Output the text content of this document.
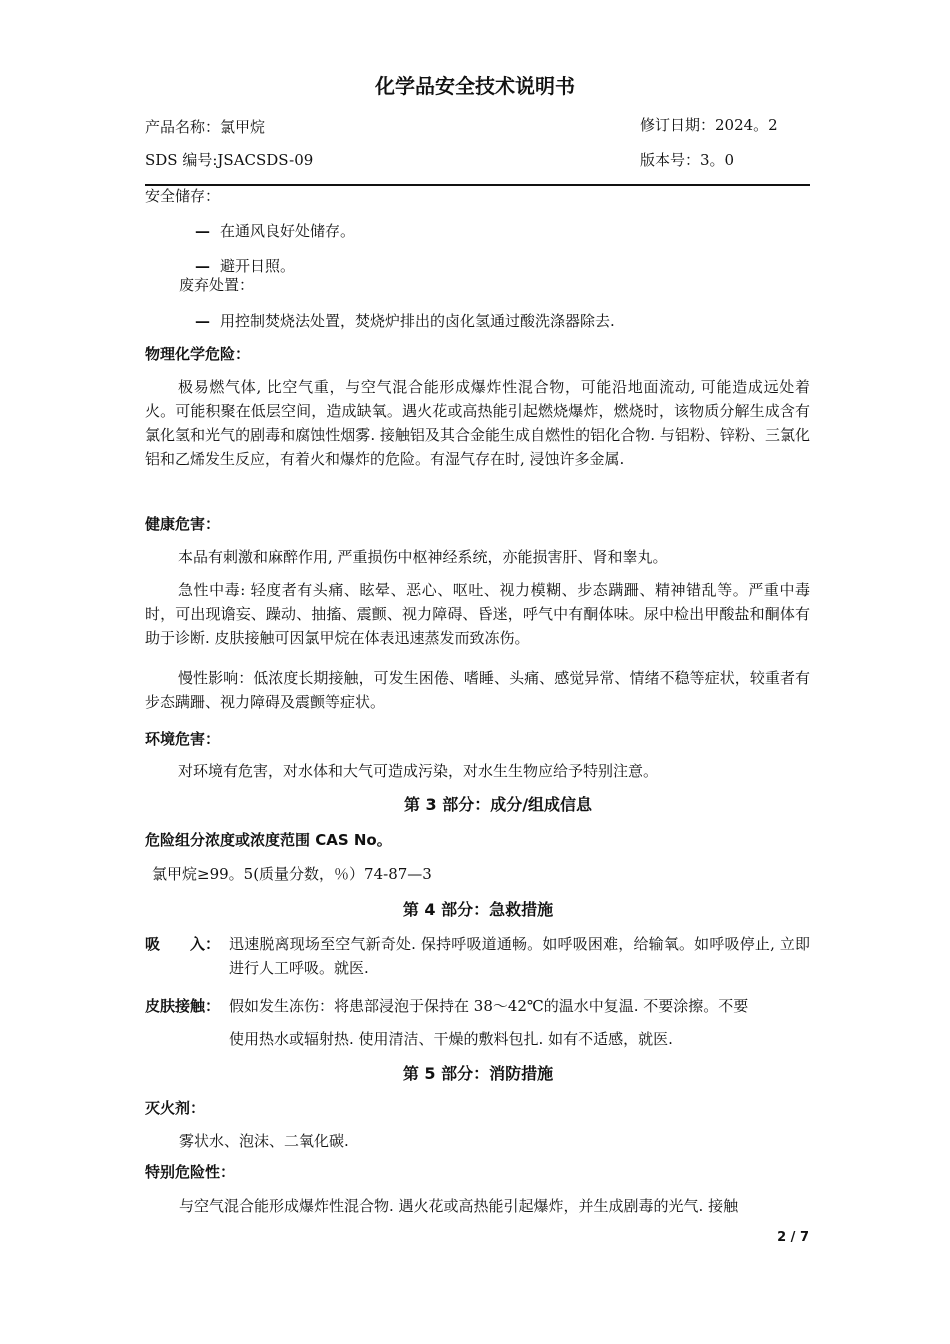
化学品安全技术说明书
产品名称：氯甲烷	修订日期：2024。2
SDS 编号:JSACSDS-09	版本号：3。0
安全储存：
— 在通风良好处储存。
— 避开日照。
废弃处置：
— 用控制焚烧法处置，焚烧炉排出的卤化氢通过酸洗涤器除去.
物理化学危险：
极易燃气体, 比空气重，与空气混合能形成爆炸性混合物，可能沿地面流动, 可能造成远处着火。可能积聚在低层空间，造成缺氧。遇火花或高热能引起燃烧爆炸，燃烧时，该物质分解生成含有氯化氢和光气的剧毒和腐蚀性烟雾. 接触铝及其合金能生成自燃性的铝化合物. 与铝粉、锌粉、三氯化铝和乙烯发生反应，有着火和爆炸的危险。有湿气存在时, 浸蚀许多金属.
健康危害：
本品有刺激和麻醉作用, 严重损伤中枢神经系统，亦能损害肝、肾和睾丸。
急性中毒: 轻度者有头痛、眩晕、恶心、呕吐、视力模糊、步态蹒跚、精神错乱等。严重中毒时，可出现谵妄、躁动、抽搐、震颤、视力障碍、昏迷，呼气中有酮体味。尿中检出甲酸盐和酮体有助于诊断. 皮肤接触可因氯甲烷在体表迅速蒸发而致冻伤。
慢性影响：低浓度长期接触，可发生困倦、嗜睡、头痛、感觉异常、情绪不稳等症状，较重者有步态蹒跚、视力障碍及震颤等症状。
环境危害：
对环境有危害，对水体和大气可造成污染，对水生生物应给予特别注意。
第 3 部分：成分/组成信息
危险组分浓度或浓度范围 CAS No。
氯甲烷≥99。5(质量分数，％）74-87—3
第 4 部分：急救措施
吸　　入： 迅速脱离现场至空气新奇处. 保持呼吸道通畅。如呼吸困难，给输氧。如呼吸停止, 立即进行人工呼吸。就医.
皮肤接触： 假如发生冻伤：将患部浸泡于保持在 38～42℃的温水中复温. 不要涂擦。不要
使用热水或辐射热. 使用清洁、干燥的敷料包扎. 如有不适感，就医.
第 5 部分：消防措施
灭火剂：
雾状水、泡沫、二氧化碳.
特别危险性：
与空气混合能形成爆炸性混合物. 遇火花或高热能引起爆炸，并生成剧毒的光气. 接触
2 / 7
